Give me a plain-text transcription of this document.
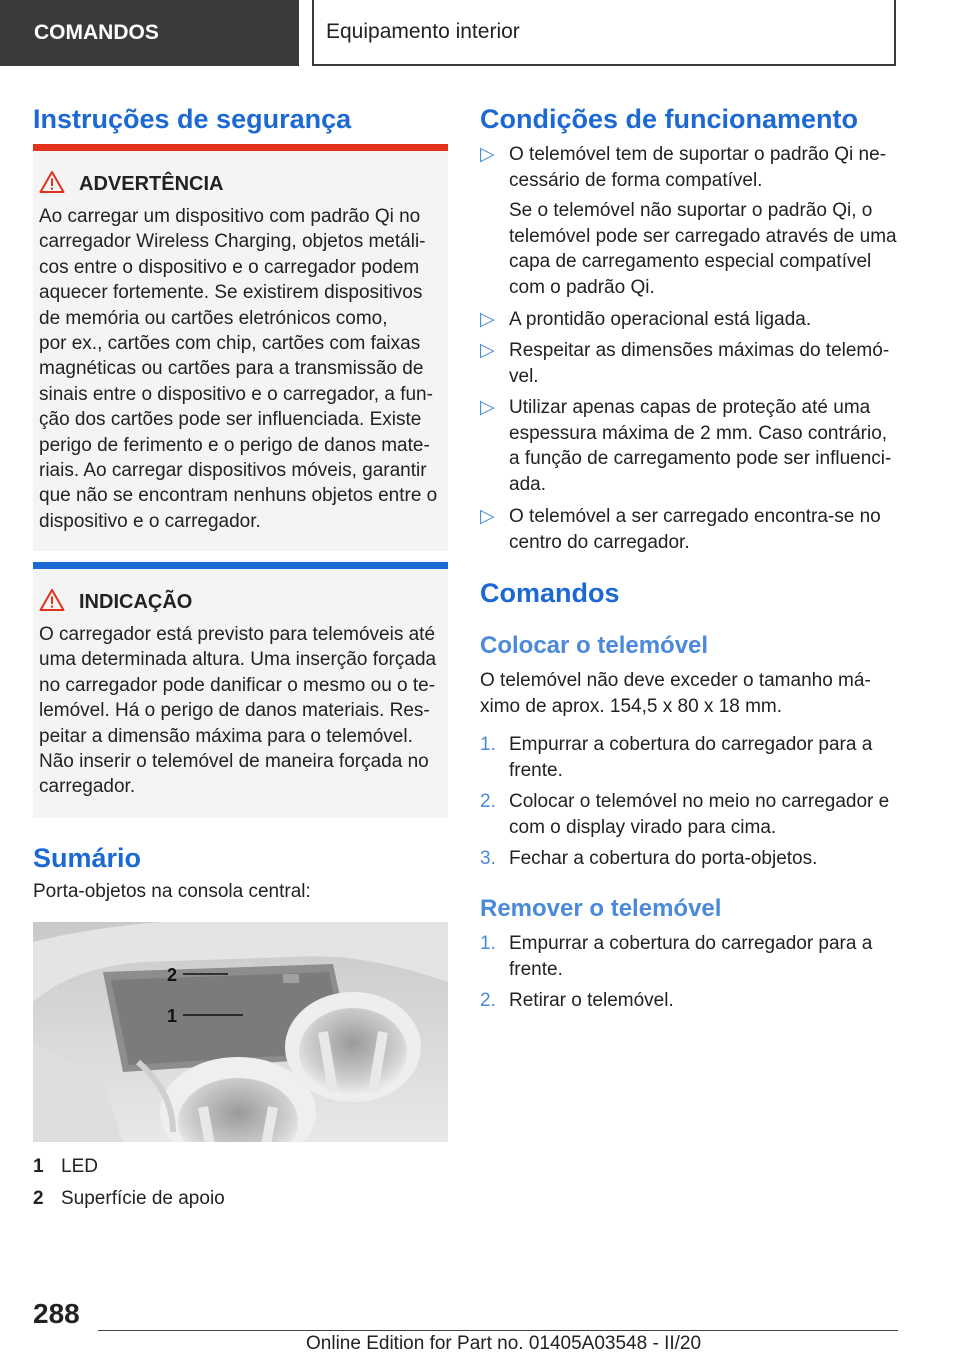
COMANDOS	Equipamento interior
Instruções de segurança
ADVERTÊNCIA
Ao carregar um dispositivo com padrão Qi no
carregador Wireless Charging, objetos metáli‐
cos entre o dispositivo e o carregador podem
aquecer fortemente. Se existirem dispositivos
de memória ou cartões eletrónicos como,
por ex., cartões com chip, cartões com faixas
magnéticas ou cartões para a transmissão de
sinais entre o dispositivo e o carregador, a fun‐
ção dos cartões pode ser influenciada. Existe
perigo de ferimento e o perigo de danos mate‐
riais. Ao carregar dispositivos móveis, garantir
que não se encontram nenhuns objetos entre o
dispositivo e o carregador.
INDICAÇÃO
O carregador está previsto para telemóveis até
uma determinada altura. Uma inserção forçada
no carregador pode danificar o mesmo ou o te‐
lemóvel. Há o perigo de danos materiais. Res‐
peitar a dimensão máxima para o telemóvel.
Não inserir o telemóvel de maneira forçada no
carregador.
Sumário
Porta-objetos na consola central:
2
1
1 LED
2 Superfície de apoio
Condições de funcionamento
▷ O telemóvel tem de suportar o padrão Qi ne‐
cessário de forma compatível.
Se o telemóvel não suportar o padrão Qi, o
telemóvel pode ser carregado através de uma
capa de carregamento especial compatível
com o padrão Qi.
▷ A prontidão operacional está ligada.
▷ Respeitar as dimensões máximas do telemó‐
vel.
▷ Utilizar apenas capas de proteção até uma
espessura máxima de 2 mm. Caso contrário,
a função de carregamento pode ser influenci‐
ada.
▷ O telemóvel a ser carregado encontra-se no
centro do carregador.
Comandos
Colocar o telemóvel
O telemóvel não deve exceder o tamanho má‐
ximo de aprox. 154,5 x 80 x 18 mm.
1. Empurrar a cobertura do carregador para a
frente.
2. Colocar o telemóvel no meio no carregador e
com o display virado para cima.
3. Fechar a cobertura do porta-objetos.
Remover o telemóvel
1. Empurrar a cobertura do carregador para a
frente.
2. Retirar o telemóvel.
288
Online Edition for Part no. 01405A03548 - II/20
